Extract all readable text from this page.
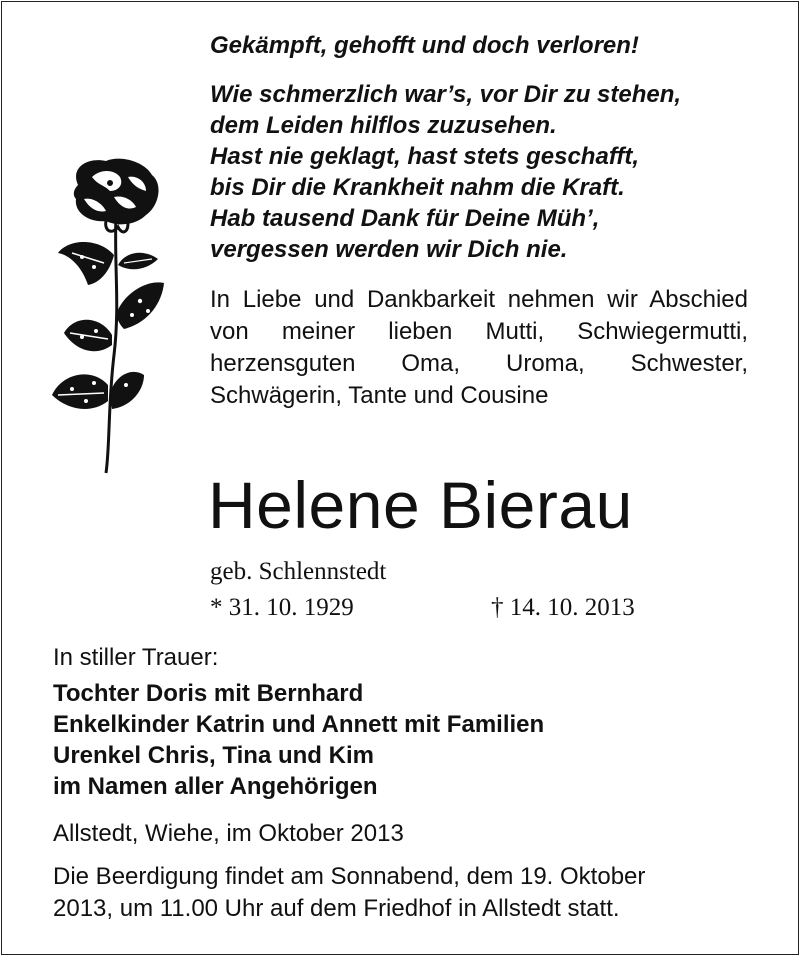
Gekämpft, gehofft und doch verloren!

Wie schmerzlich war’s, vor Dir zu stehen,
dem Leiden hilflos zuzusehen.
Hast nie geklagt, hast stets geschafft,
bis Dir die Krankheit nahm die Kraft.
Hab tausend Dank für Deine Müh’,
vergessen werden wir Dich nie.

In Liebe und Dankbarkeit nehmen wir Abschied von meiner lieben Mutti, Schwiegermutti, herzensguten Oma, Uroma, Schwester, Schwägerin, Tante und Cousine

Helene Bierau

geb. Schlennstedt

* 31. 10. 1929	† 14. 10. 2013

In stiller Trauer:

Tochter Doris mit Bernhard
Enkelkinder Katrin und Annett mit Familien
Urenkel Chris, Tina und Kim
im Namen aller Angehörigen

Allstedt, Wiehe, im Oktober 2013

Die Beerdigung findet am Sonnabend, dem 19. Oktober
2013, um 11.00 Uhr auf dem Friedhof in Allstedt statt.
